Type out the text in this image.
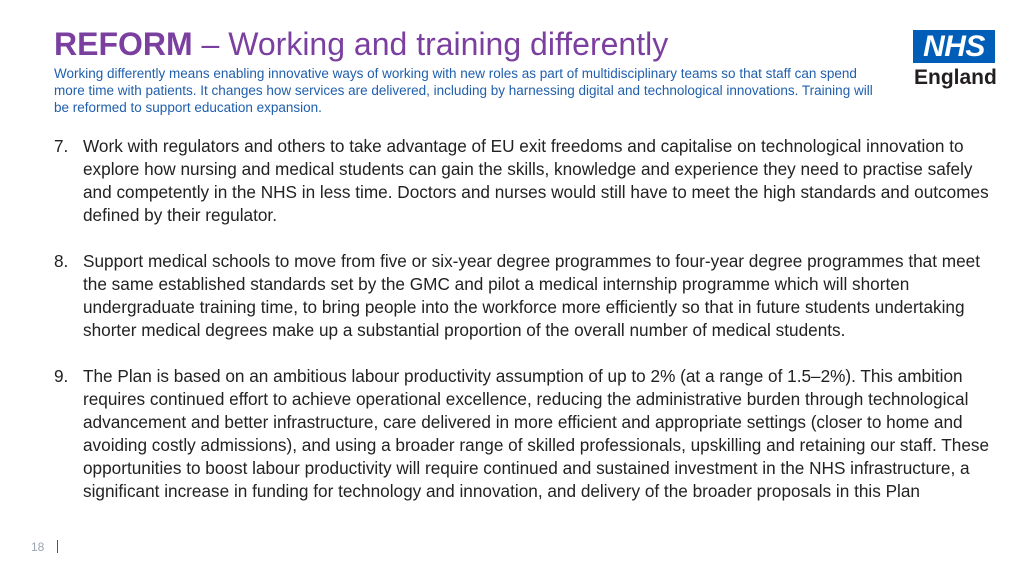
REFORM – Working and training differently
Working differently means enabling innovative ways of working with new roles as part of multidisciplinary teams so that staff can spend more time with patients. It changes how services are delivered, including by harnessing digital and technological innovations. Training will be reformed to support education expansion.
NHS
England
7. Work with regulators and others to take advantage of EU exit freedoms and capitalise on technological innovation to explore how nursing and medical students can gain the skills, knowledge and experience they need to practise safely and competently in the NHS in less time. Doctors and nurses would still have to meet the high standards and outcomes defined by their regulator.
8. Support medical schools to move from five or six-year degree programmes to four-year degree programmes that meet the same established standards set by the GMC and pilot a medical internship programme which will shorten undergraduate training time, to bring people into the workforce more efficiently so that in future students undertaking shorter medical degrees make up a substantial proportion of the overall number of medical students.
9. The Plan is based on an ambitious labour productivity assumption of up to 2% (at a range of 1.5–2%). This ambition requires continued effort to achieve operational excellence, reducing the administrative burden through technological advancement and better infrastructure, care delivered in more efficient and appropriate settings (closer to home and avoiding costly admissions), and using a broader range of skilled professionals, upskilling and retaining our staff. These opportunities to boost labour productivity will require continued and sustained investment in the NHS infrastructure, a significant increase in funding for technology and innovation, and delivery of the broader proposals in this Plan
18
